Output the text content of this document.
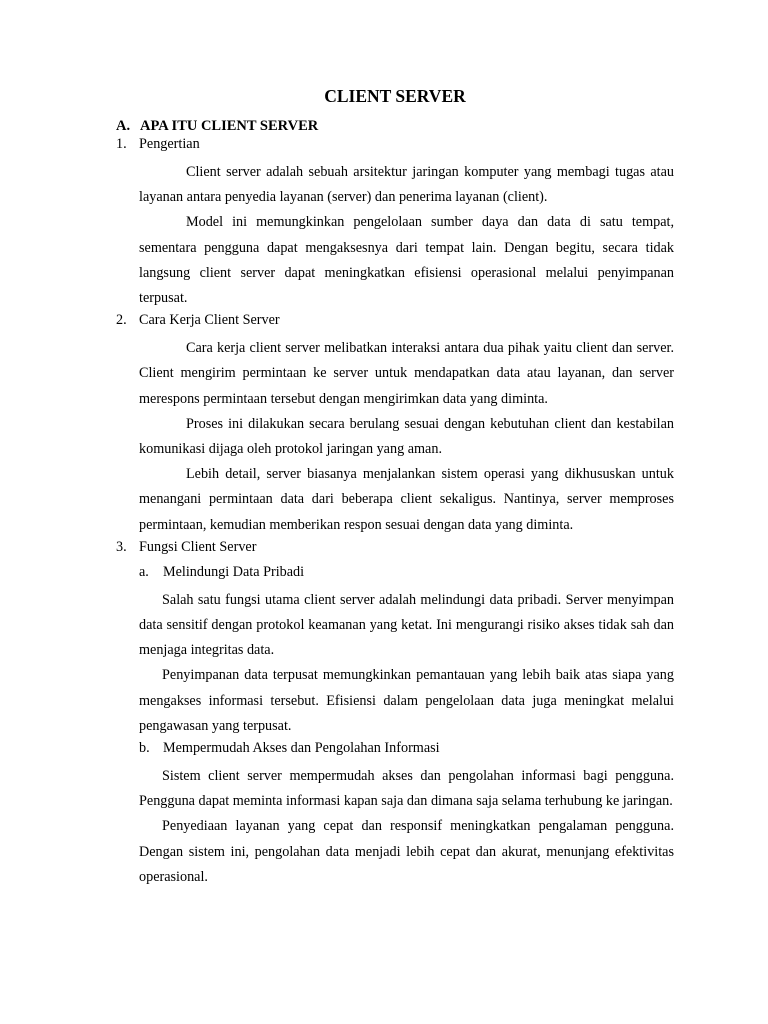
CLIENT SERVER
A. APA ITU CLIENT SERVER
1. Pengertian

Client server adalah sebuah arsitektur jaringan komputer yang membagi tugas atau layanan antara penyedia layanan (server) dan penerima layanan (client).

Model ini memungkinkan pengelolaan sumber daya dan data di satu tempat, sementara pengguna dapat mengaksesnya dari tempat lain. Dengan begitu, secara tidak langsung client server dapat meningkatkan efisiensi operasional melalui penyimpanan terpusat.

2. Cara Kerja Client Server

Cara kerja client server melibatkan interaksi antara dua pihak yaitu client dan server. Client mengirim permintaan ke server untuk mendapatkan data atau layanan, dan server merespons permintaan tersebut dengan mengirimkan data yang diminta.

Proses ini dilakukan secara berulang sesuai dengan kebutuhan client dan kestabilan komunikasi dijaga oleh protokol jaringan yang aman.

Lebih detail, server biasanya menjalankan sistem operasi yang dikhususkan untuk menangani permintaan data dari beberapa client sekaligus. Nantinya, server memproses permintaan, kemudian memberikan respon sesuai dengan data yang diminta.

3. Fungsi Client Server
a. Melindungi Data Pribadi

Salah satu fungsi utama client server adalah melindungi data pribadi. Server menyimpan data sensitif dengan protokol keamanan yang ketat. Ini mengurangi risiko akses tidak sah dan menjaga integritas data.

Penyimpanan data terpusat memungkinkan pemantauan yang lebih baik atas siapa yang mengakses informasi tersebut. Efisiensi dalam pengelolaan data juga meningkat melalui pengawasan yang terpusat.

b. Mempermudah Akses dan Pengolahan Informasi

Sistem client server mempermudah akses dan pengolahan informasi bagi pengguna. Pengguna dapat meminta informasi kapan saja dan dimana saja selama terhubung ke jaringan.

Penyediaan layanan yang cepat dan responsif meningkatkan pengalaman pengguna. Dengan sistem ini, pengolahan data menjadi lebih cepat dan akurat, menunjang efektivitas operasional.
